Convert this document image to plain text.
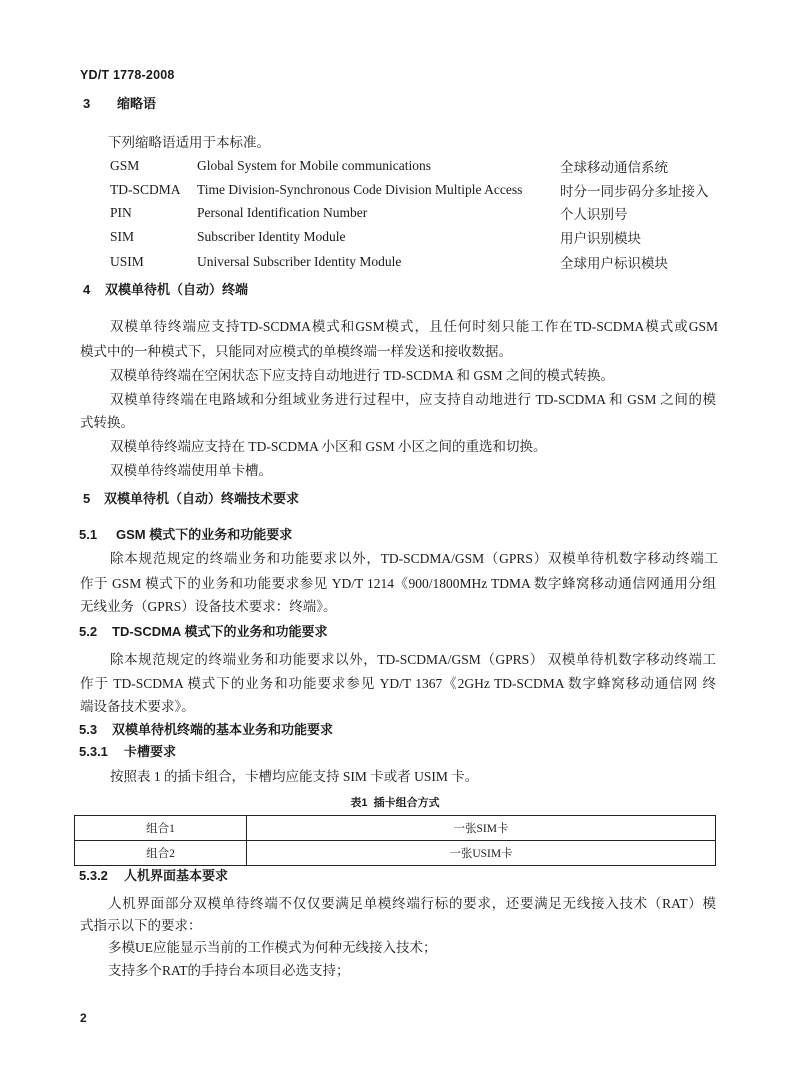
YD/T 1778-2008
3 缩略语
下列缩略语适用于本标准。
GSM	Global System for Mobile communications	全球移动通信系统
TD-SCDMA Time Division-Synchronous Code Division Multiple Access	时分一同步码分多址接入
PIN	Personal Identification Number	个人识别号
SIM	Subscriber Identity Module	用户识别模块
USIM	Universal Subscriber Identity Module	全球用户标识模块
4 双模单待机（自动）终端
双模单待终端应支持TD-SCDMA模式和GSM模式，且任何时刻只能工作在TD-SCDMA模式或GSM
模式中的一种模式下，只能同对应模式的单模终端一样发送和接收数据。
双模单待终端在空闲状态下应支持自动地进行 TD-SCDMA 和 GSM 之间的模式转换。
双模单待终端在电路域和分组域业务进行过程中，应支持自动地进行 TD-SCDMA 和 GSM 之间的模
式转换。
双模单待终端应支持在 TD-SCDMA 小区和 GSM 小区之间的重选和切换。
双模单待终端使用单卡槽。
5 双模单待机（自动）终端技术要求
5.1 GSM 模式下的业务和功能要求
除本规范规定的终端业务和功能要求以外，TD-SCDMA/GSM（GPRS）双模单待机数字移动终端工
作于 GSM 模式下的业务和功能要求参见 YD/T 1214《900/1800MHz TDMA 数字蜂窝移动通信网通用分组
无线业务（GPRS）设备技术要求：终端》。
5.2 TD-SCDMA 模式下的业务和功能要求
除本规范规定的终端业务和功能要求以外，TD-SCDMA/GSM（GPRS） 双模单待机数字移动终端工
作于 TD-SCDMA 模式下的业务和功能要求参见 YD/T 1367《2GHz TD-SCDMA 数字蜂窝移动通信网 终
端设备技术要求》。
5.3 双模单待机终端的基本业务和功能要求
5.3.1 卡槽要求
按照表 1 的插卡组合，卡槽均应能支持 SIM 卡或者 USIM 卡。
表1  插卡组合方式
组合1	一张SIM卡
组合2	一张USIM卡
5.3.2 人机界面基本要求
人机界面部分双模单待终端不仅仅要满足单模终端行标的要求，还要满足无线接入技术（RAT）模
式指示以下的要求：
多模UE应能显示当前的工作模式为何种无线接入技术；
支持多个RAT的手持台本项目必选支持；
2
